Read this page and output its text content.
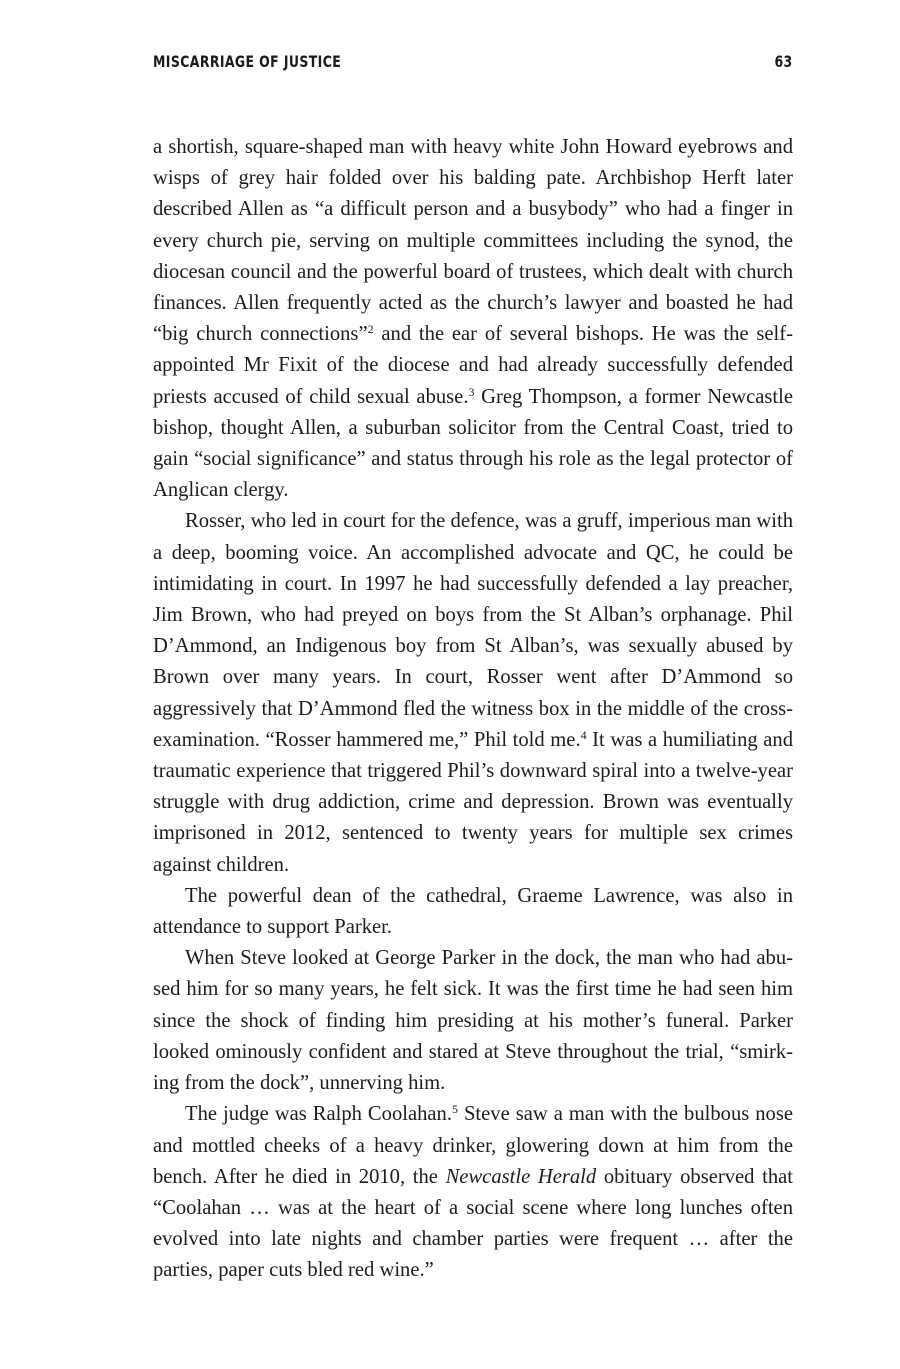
MISCARRIAGE OF JUSTICE	63

a shortish, square-shaped man with heavy white John Howard eyebrows and wisps of grey hair folded over his balding pate. Archbishop Herft later described Allen as “a difficult person and a busybody” who had a finger in every church pie, serving on multiple committees including the synod, the diocesan council and the powerful board of trustees, which dealt with church finances. Allen frequently acted as the church’s lawyer and boasted he had “big church connections”$^2$ and the ear of several bishops. He was the self-appointed Mr Fixit of the diocese and had already successfully defended priests accused of child sexual abuse.$^3$ Greg Thompson, a former Newcastle bishop, thought Allen, a suburban solicitor from the Central Coast, tried to gain “social significance” and status through his role as the legal protector of Anglican clergy.

Rosser, who led in court for the defence, was a gruff, imperious man with a deep, booming voice. An accomplished advocate and QC, he could be intimidating in court. In 1997 he had successfully defended a lay preacher, Jim Brown, who had preyed on boys from the St Alban’s orphanage. Phil D’Ammond, an Indigenous boy from St Alban’s, was sexually abused by Brown over many years. In court, Rosser went after D’Ammond so aggressively that D’Ammond fled the witness box in the middle of the cross-examination. “Rosser hammered me,” Phil told me.$^4$ It was a humiliating and traumatic experience that triggered Phil’s downward spiral into a twelve-year struggle with drug addiction, crime and depression. Brown was eventually imprisoned in 2012, sentenced to twenty years for multiple sex crimes against children.

The powerful dean of the cathedral, Graeme Lawrence, was also in attendance to support Parker.

When Steve looked at George Parker in the dock, the man who had abused him for so many years, he felt sick. It was the first time he had seen him since the shock of finding him presiding at his mother’s funeral. Parker looked ominously confident and stared at Steve throughout the trial, “smirking from the dock”, unnerving him.

The judge was Ralph Coolahan.$^5$ Steve saw a man with the bulbous nose and mottled cheeks of a heavy drinker, glowering down at him from the bench. After he died in 2010, the Newcastle Herald obituary observed that “Coolahan … was at the heart of a social scene where long lunches often evolved into late nights and chamber parties were frequent … after the parties, paper cuts bled red wine.”
